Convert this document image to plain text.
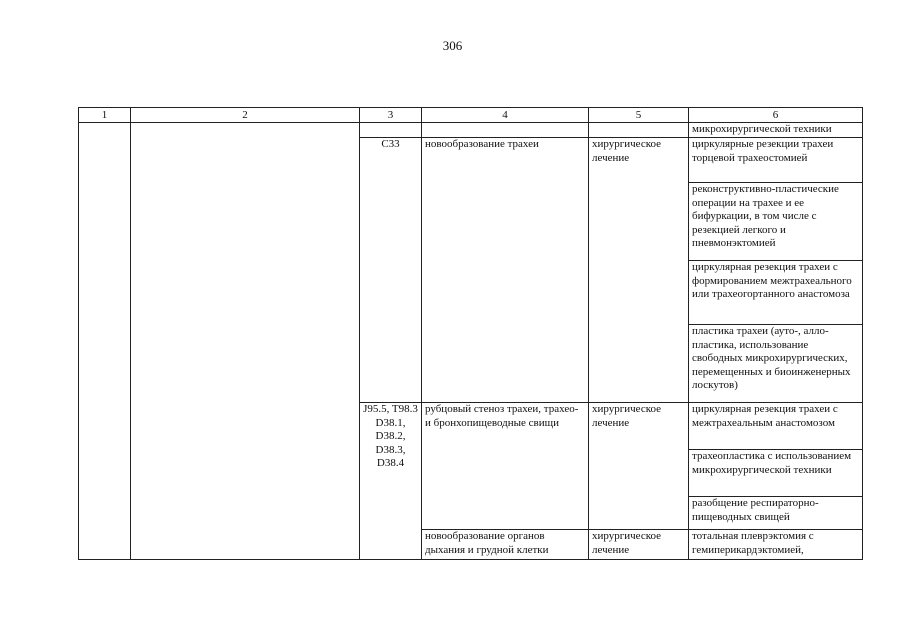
306
1	2	3	4	5	6
					микрохирургической техники
		C33	новообразование трахеи	хирургическое лечение	циркулярные резекции трахеи торцевой трахеостомией
					реконструктивно-пластические операции на трахее и ее бифуркации, в том числе с резекцией легкого и пневмонэктомией
					циркулярная резекция трахеи с формированием межтрахеального или трахеогортанного анастомоза
					пластика трахеи (ауто-, алло-пластика, использование свободных микрохирургических, перемещенных и биоинженерных лоскутов)
		J95.5, T98.3 D38.1, D38.2, D38.3, D38.4	рубцовый стеноз трахеи, трахео- и бронхопищеводные свищи	хирургическое лечение	циркулярная резекция трахеи с межтрахеальным анастомозом
					трахеопластика с использованием микрохирургической техники
					разобщение респираторно-пищеводных свищей
			новообразование органов дыхания и грудной клетки	хирургическое лечение	тотальная плеврэктомия с гемиперикардэктомией,
